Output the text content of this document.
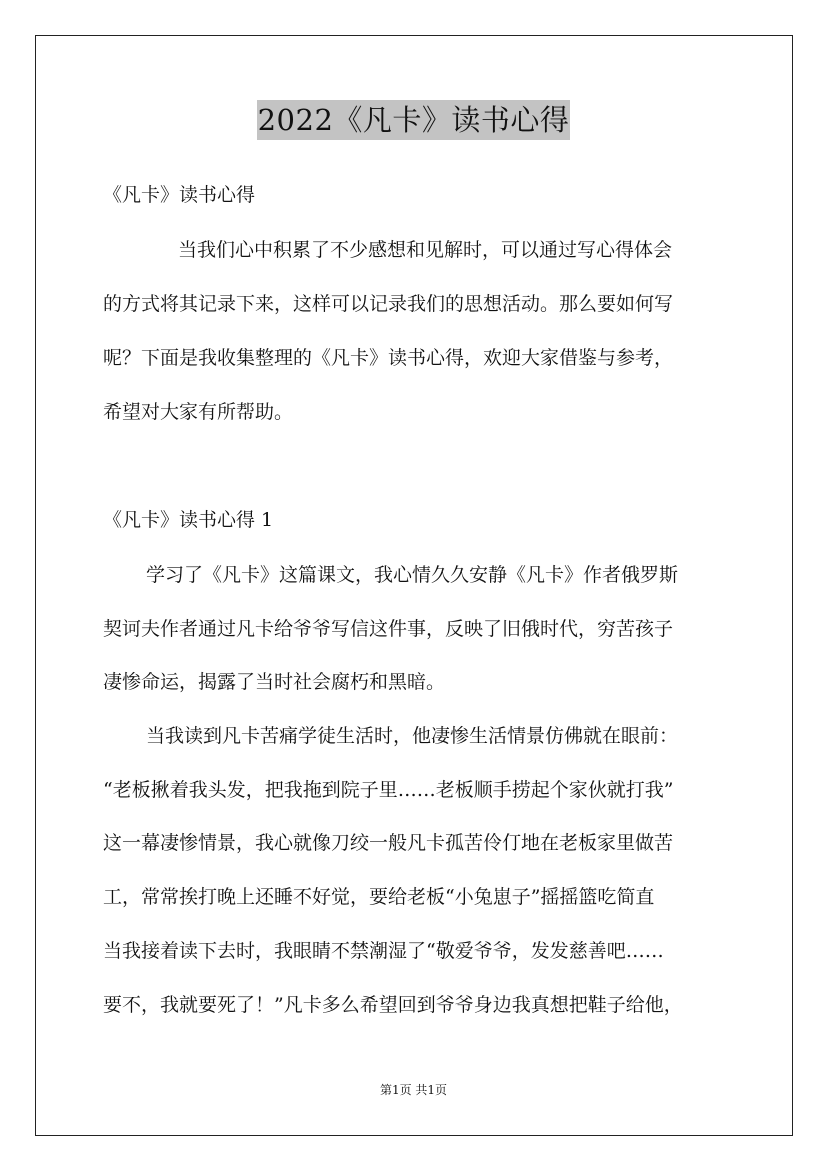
2022《凡卡》读书心得
《凡卡》读书心得
当我们心中积累了不少感想和见解时，可以通过写心得体会
的方式将其记录下来，这样可以记录我们的思想活动。那么要如何写
呢？下面是我收集整理的《凡卡》读书心得，欢迎大家借鉴与参考，
希望对大家有所帮助。
《凡卡》读书心得 1
学习了《凡卡》这篇课文，我心情久久安静《凡卡》作者俄罗斯
契诃夫作者通过凡卡给爷爷写信这件事，反映了旧俄时代，穷苦孩子
凄惨命运，揭露了当时社会腐朽和黑暗。
当我读到凡卡苦痛学徒生活时，他凄惨生活情景仿佛就在眼前：
“老板揪着我头发，把我拖到院子里……老板顺手捞起个家伙就打我”
这一幕凄惨情景，我心就像刀绞一般凡卡孤苦伶仃地在老板家里做苦
工，常常挨打晚上还睡不好觉，要给老板“小兔崽子”摇摇篮吃简直
当我接着读下去时，我眼睛不禁潮湿了“敬爱爷爷，发发慈善吧……
要不，我就要死了！”凡卡多么希望回到爷爷身边我真想把鞋子给他，
第1页 共1页
